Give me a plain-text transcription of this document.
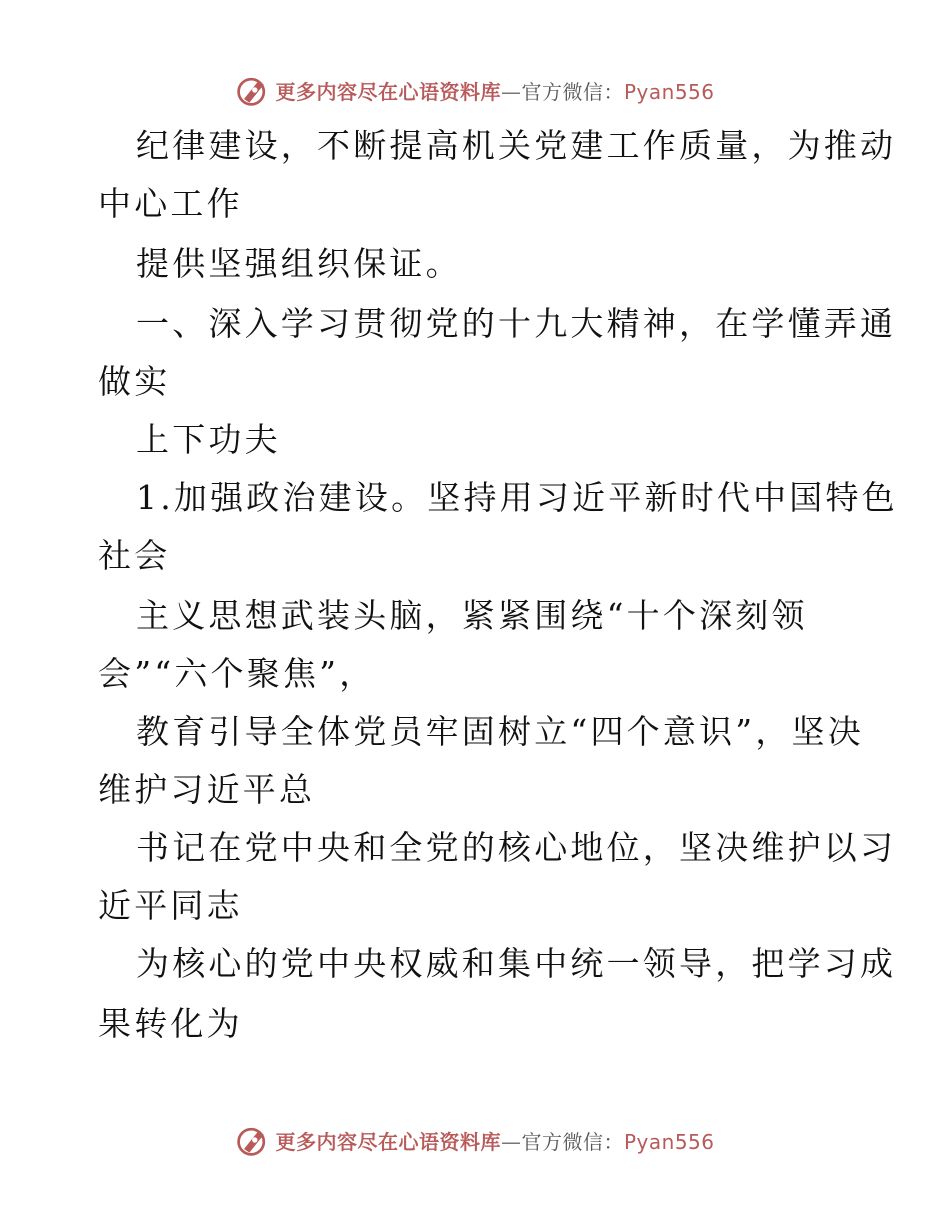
更多内容尽在心语资料库—官方微信：Pyan556
纪律建设，不断提高机关党建工作质量，为推动
中心工作
提供坚强组织保证。
一、深入学习贯彻党的十九大精神，在学懂弄通
做实
上下功夫
1.加强政治建设。坚持用习近平新时代中国特色
社会
主义思想武装头脑，紧紧围绕“十个深刻领
会”“六个聚焦”，
教育引导全体党员牢固树立“四个意识”，坚决
维护习近平总
书记在党中央和全党的核心地位，坚决维护以习
近平同志
为核心的党中央权威和集中统一领导，把学习成
果转化为
更多内容尽在心语资料库—官方微信：Pyan556
